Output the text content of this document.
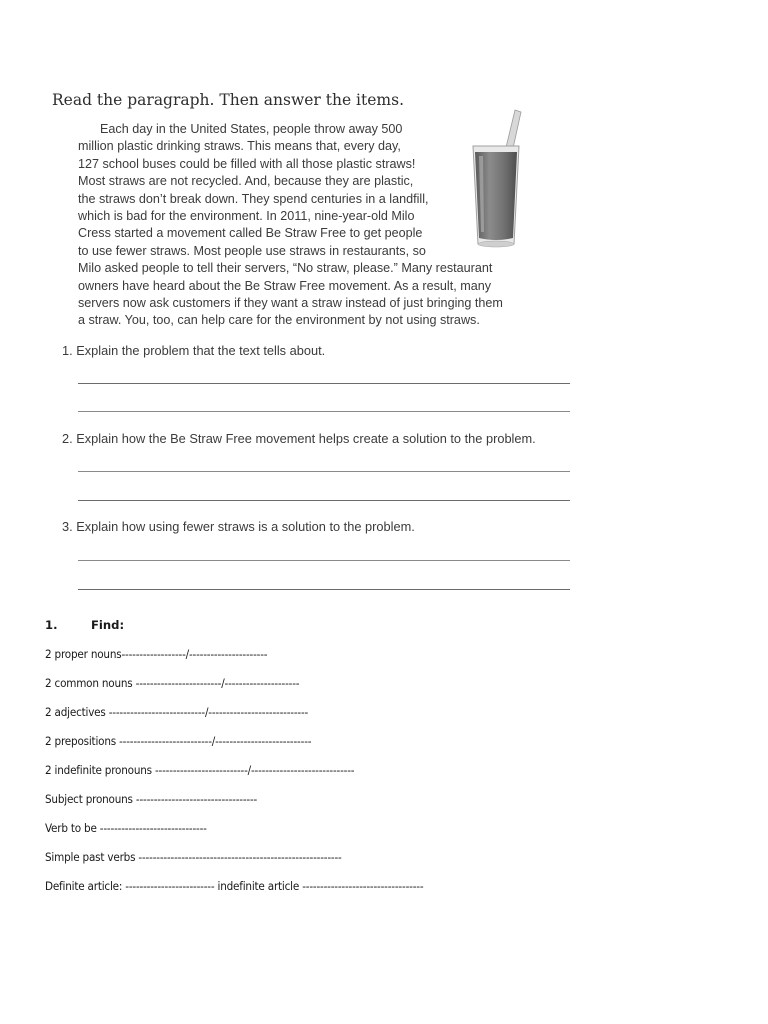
Read the paragraph. Then answer the items.
Each day in the United States, people throw away 500
million plastic drinking straws. This means that, every day,
127 school buses could be filled with all those plastic straws!
Most straws are not recycled. And, because they are plastic,
the straws don’t break down. They spend centuries in a landfill,
which is bad for the environment. In 2011, nine-year-old Milo
Cress started a movement called Be Straw Free to get people
to use fewer straws. Most people use straws in restaurants, so
Milo asked people to tell their servers, “No straw, please.” Many restaurant
owners have heard about the Be Straw Free movement. As a result, many
servers now ask customers if they want a straw instead of just bringing them
a straw. You, too, can help care for the environment by not using straws.
1. Explain the problem that the text tells about.
2. Explain how the Be Straw Free movement helps create a solution to the problem.
3. Explain how using fewer straws is a solution to the problem.
1.	Find:
2 proper nouns------------------/----------------------
2 common nouns ------------------------/---------------------
2 adjectives ---------------------------/----------------------------
2 prepositions --------------------------/---------------------------
2 indefinite pronouns --------------------------/-----------------------------
Subject pronouns ----------------------------------
Verb to be ------------------------------
Simple past verbs ---------------------------------------------------------
Definite article: ------------------------- indefinite article ----------------------------------
